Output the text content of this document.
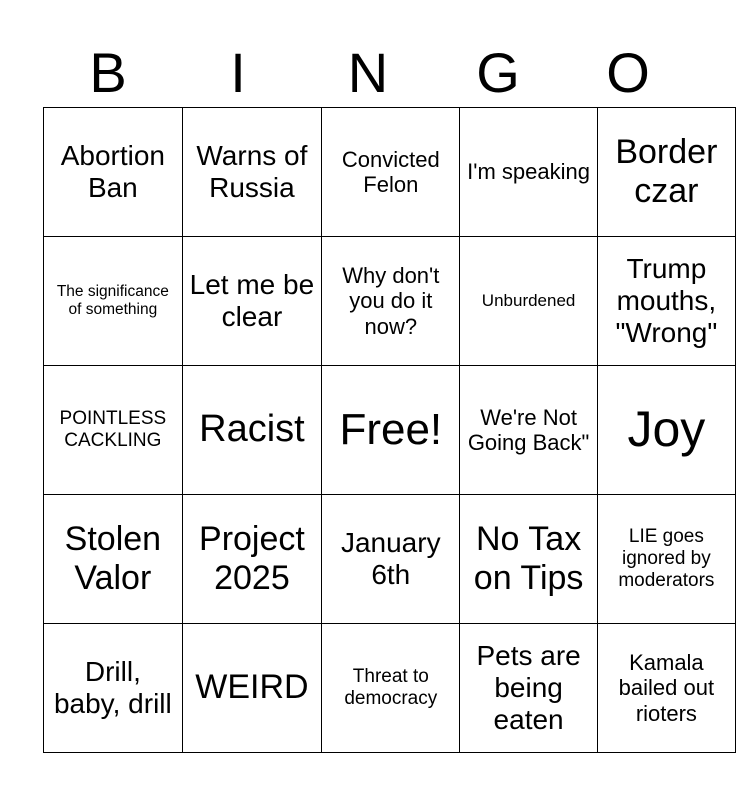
B	I	N	G	O
Abortion Ban	Warns of Russia	Convicted Felon	I'm speaking	Border czar
The significance of something	Let me be clear	Why don't you do it now?	Unburdened	Trump mouths, "Wrong"
POINTLESS CACKLING	Racist	Free!	We're Not Going Back"	Joy
Stolen Valor	Project 2025	January 6th	No Tax on Tips	LIE goes ignored by moderators
Drill, baby, drill	WEIRD	Threat to democracy	Pets are being eaten	Kamala bailed out rioters
